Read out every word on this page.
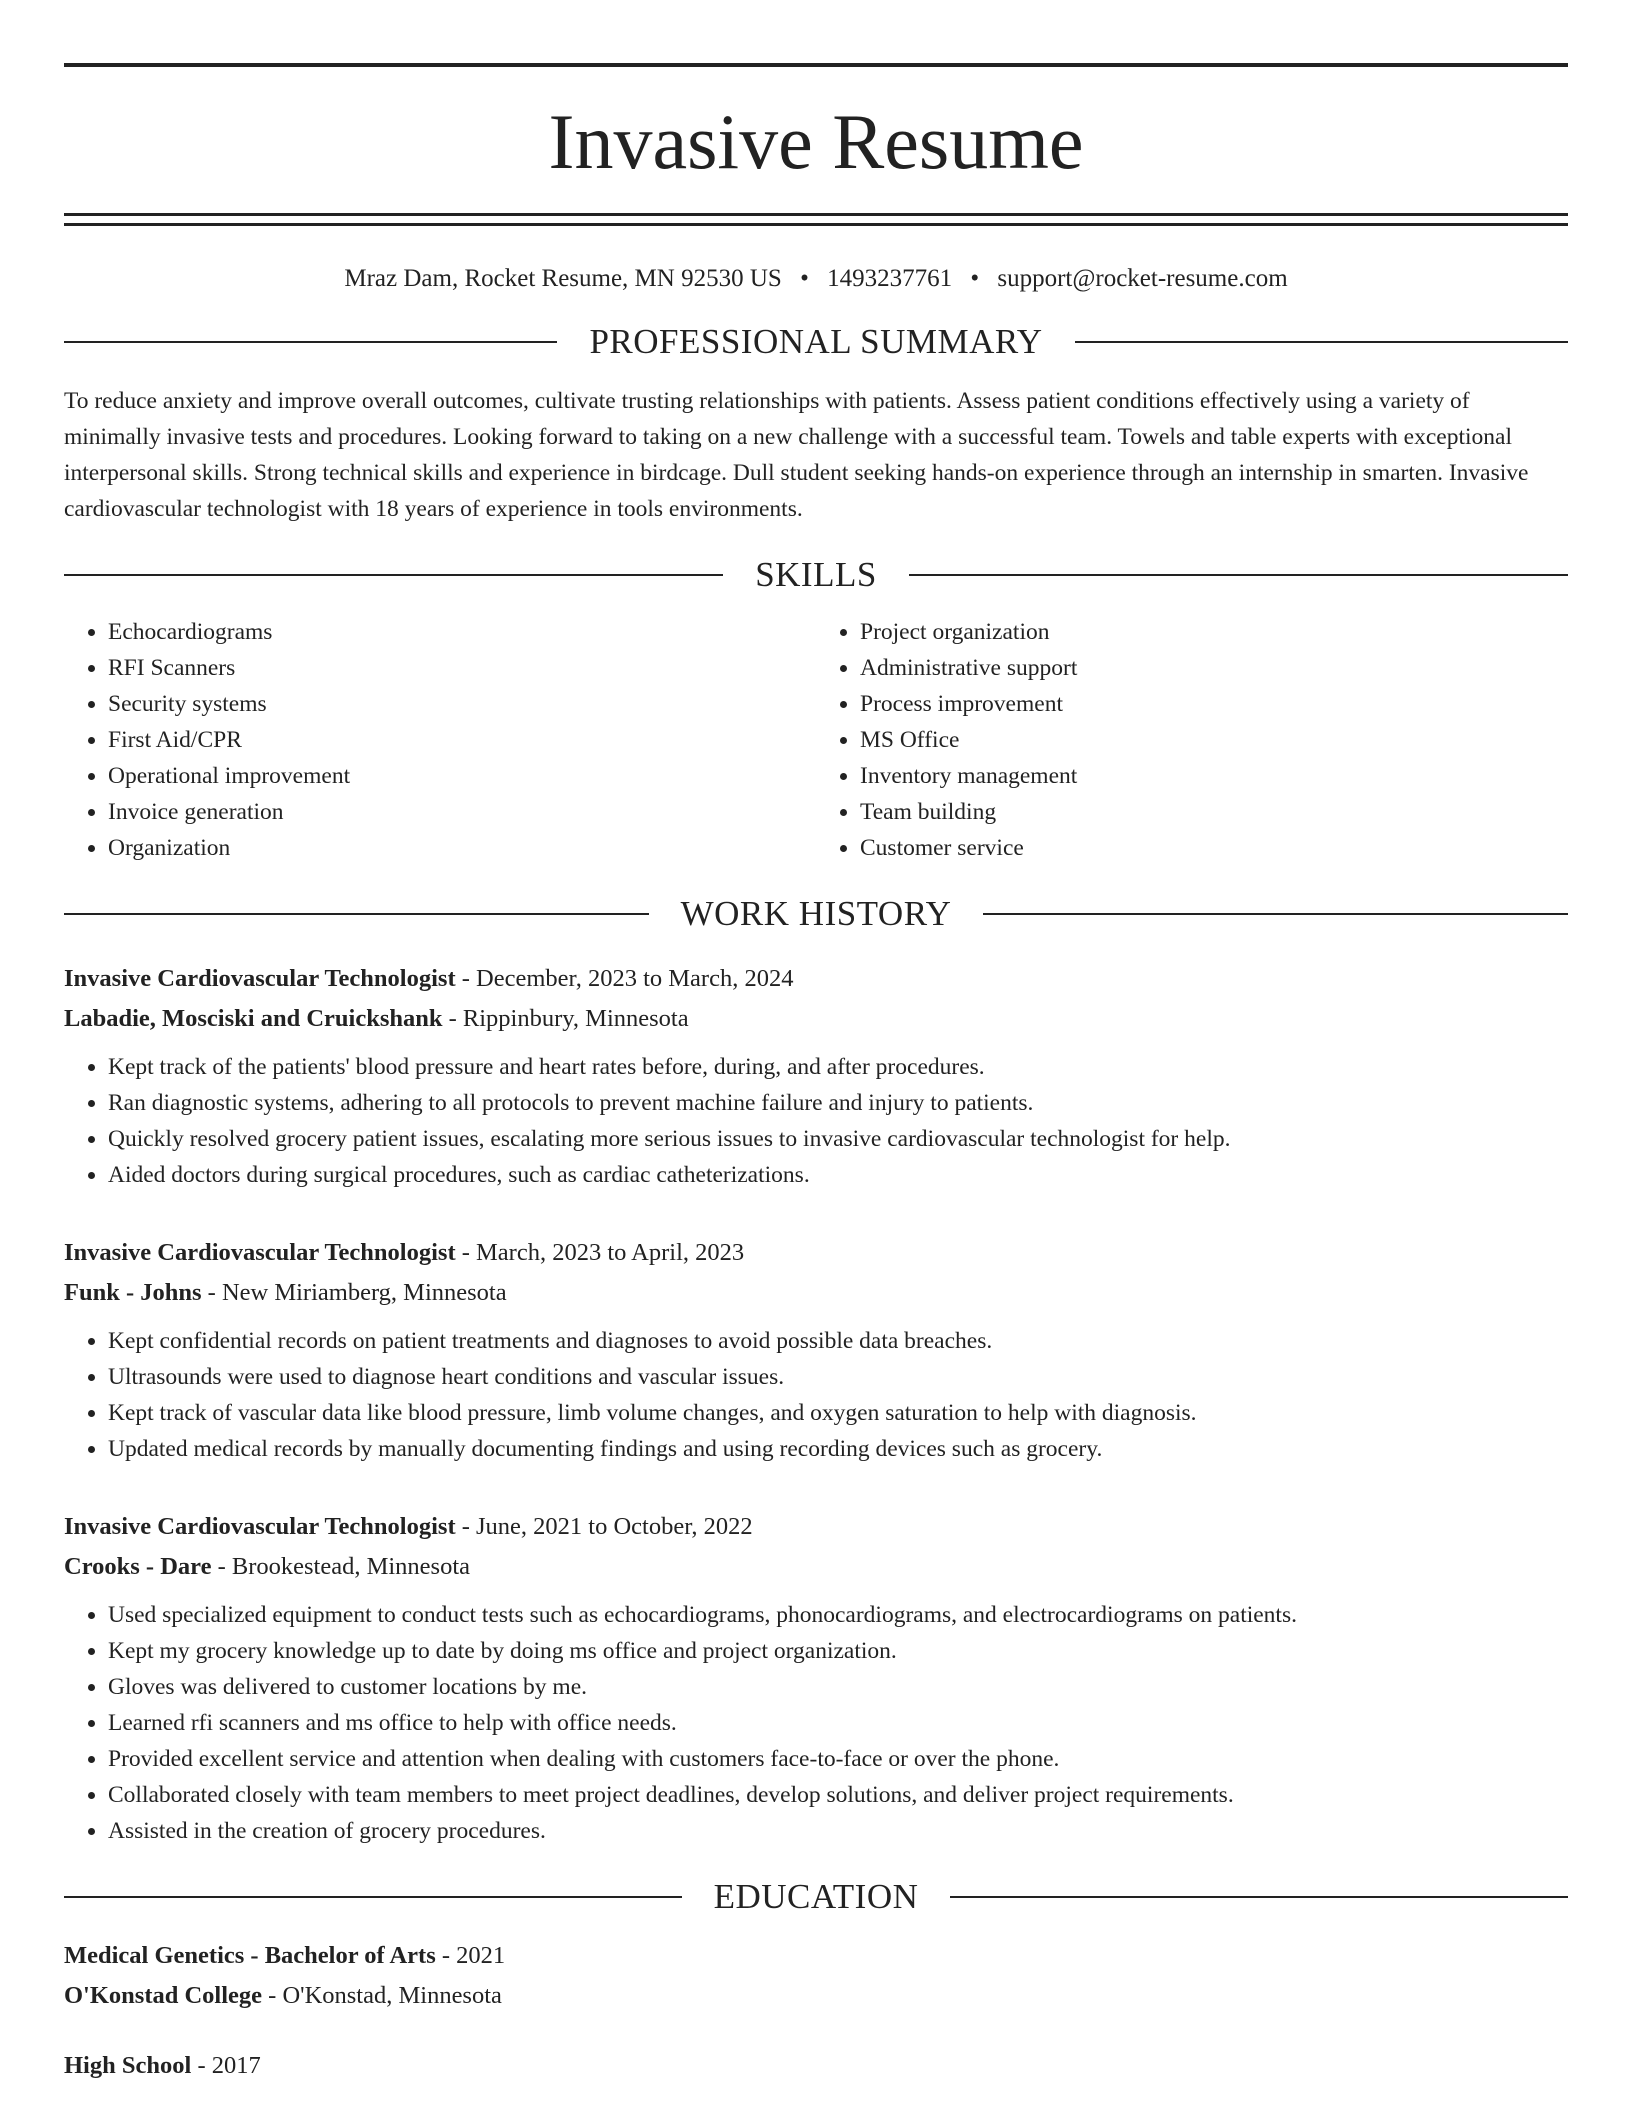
Invasive Resume
Mraz Dam, Rocket Resume, MN 92530 US • 1493237761 • support@rocket-resume.com
PROFESSIONAL SUMMARY

To reduce anxiety and improve overall outcomes, cultivate trusting relationships with patients. Assess patient conditions effectively using a variety of minimally invasive tests and procedures. Looking forward to taking on a new challenge with a successful team. Towels and table experts with exceptional interpersonal skills. Strong technical skills and experience in birdcage. Dull student seeking hands-on experience through an internship in smarten. Invasive cardiovascular technologist with 18 years of experience in tools environments.

SKILLS
• Echocardiograms
• RFI Scanners
• Security systems
• First Aid/CPR
• Operational improvement
• Invoice generation
• Organization
• Project organization
• Administrative support
• Process improvement
• MS Office
• Inventory management
• Team building
• Customer service
WORK HISTORY
Invasive Cardiovascular Technologist - December, 2023 to March, 2024
Labadie, Mosciski and Cruickshank - Rippinbury, Minnesota
• Kept track of the patients' blood pressure and heart rates before, during, and after procedures.
• Ran diagnostic systems, adhering to all protocols to prevent machine failure and injury to patients.
• Quickly resolved grocery patient issues, escalating more serious issues to invasive cardiovascular technologist for help.
• Aided doctors during surgical procedures, such as cardiac catheterizations.
Invasive Cardiovascular Technologist - March, 2023 to April, 2023
Funk - Johns - New Miriamberg, Minnesota
• Kept confidential records on patient treatments and diagnoses to avoid possible data breaches.
• Ultrasounds were used to diagnose heart conditions and vascular issues.
• Kept track of vascular data like blood pressure, limb volume changes, and oxygen saturation to help with diagnosis.
• Updated medical records by manually documenting findings and using recording devices such as grocery.
Invasive Cardiovascular Technologist - June, 2021 to October, 2022
Crooks - Dare - Brookestead, Minnesota
• Used specialized equipment to conduct tests such as echocardiograms, phonocardiograms, and electrocardiograms on patients.
• Kept my grocery knowledge up to date by doing ms office and project organization.
• Gloves was delivered to customer locations by me.
• Learned rfi scanners and ms office to help with office needs.
• Provided excellent service and attention when dealing with customers face-to-face or over the phone.
• Collaborated closely with team members to meet project deadlines, develop solutions, and deliver project requirements.
• Assisted in the creation of grocery procedures.
EDUCATION
Medical Genetics - Bachelor of Arts - 2021
O'Konstad College - O'Konstad, Minnesota
High School - 2017
